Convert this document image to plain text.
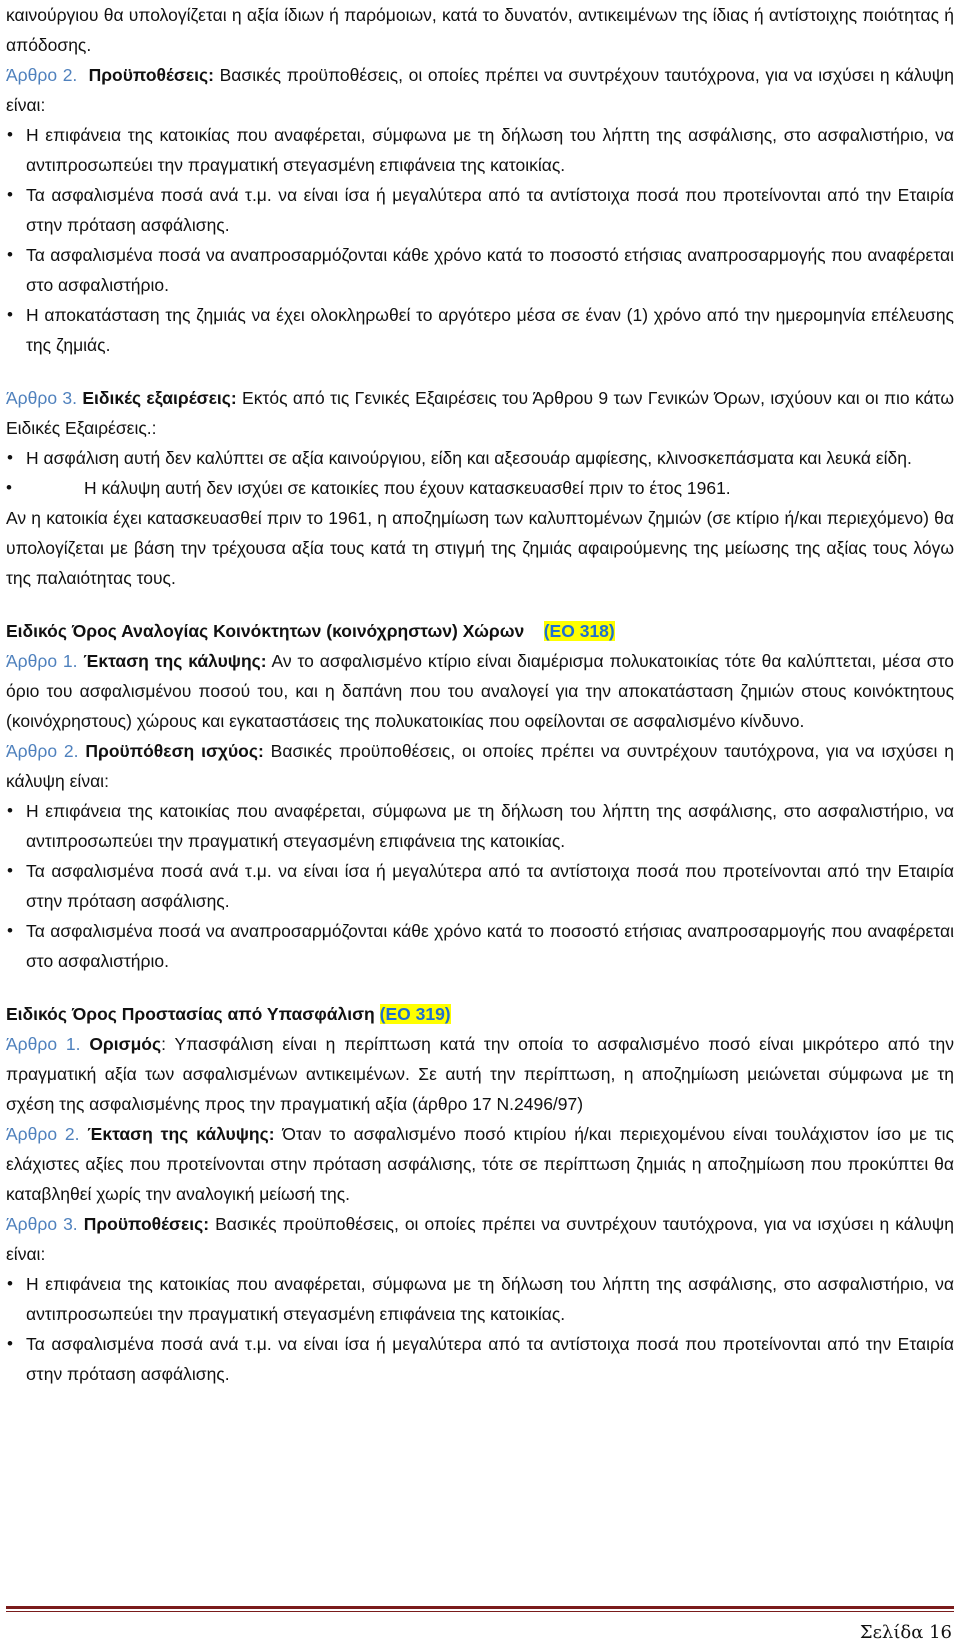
καινούργιου θα υπολογίζεται η αξία ίδιων ή παρόμοιων, κατά το δυνατόν, αντικειμένων της ίδιας ή αντίστοιχης ποιότητας ή απόδοσης.

Άρθρο 2. Προϋποθέσεις: Βασικές προϋποθέσεις, οι οποίες πρέπει να συντρέχουν ταυτόχρονα, για να ισχύσει η κάλυψη είναι:

• Η επιφάνεια της κατοικίας που αναφέρεται, σύμφωνα με τη δήλωση του λήπτη της ασφάλισης, στο ασφαλιστήριο, να αντιπροσωπεύει την πραγματική στεγασμένη επιφάνεια της κατοικίας.

• Τα ασφαλισμένα ποσά ανά τ.μ. να είναι ίσα ή μεγαλύτερα από τα αντίστοιχα ποσά που προτείνονται από την Εταιρία στην πρόταση ασφάλισης.

• Τα ασφαλισμένα ποσά να αναπροσαρμόζονται κάθε χρόνο κατά το ποσοστό ετήσιας αναπροσαρμογής που αναφέρεται στο ασφαλιστήριο.

• Η αποκατάσταση της ζημιάς να έχει ολοκληρωθεί το αργότερο μέσα σε έναν (1) χρόνο από την ημερομηνία επέλευσης της ζημιάς.

Άρθρο 3. Ειδικές εξαιρέσεις: Εκτός από τις Γενικές Εξαιρέσεις του Άρθρου 9 των Γενικών Όρων, ισχύουν και οι πιο κάτω Ειδικές Εξαιρέσεις.:

• Η ασφάλιση αυτή δεν καλύπτει σε αξία καινούργιου, είδη και αξεσουάρ αμφίεσης, κλινοσκεπάσματα και λευκά είδη.

• Η κάλυψη αυτή δεν ισχύει σε κατοικίες που έχουν κατασκευασθεί πριν το έτος 1961.

Αν η κατοικία έχει κατασκευασθεί πριν το 1961, η αποζημίωση των καλυπτομένων ζημιών (σε κτίριο ή/και περιεχόμενο) θα υπολογίζεται με βάση την τρέχουσα αξία τους κατά τη στιγμή της ζημιάς αφαιρούμενης της μείωσης της αξίας τους λόγω της παλαιότητας τους.

Ειδικός Όρος Αναλογίας Κοινόκτητων (κοινόχρηστων) Χώρων (ΕΟ 318)

Άρθρο 1. Έκταση της κάλυψης: Αν το ασφαλισμένο κτίριο είναι διαμέρισμα πολυκατοικίας τότε θα καλύπτεται, μέσα στο όριο του ασφαλισμένου ποσού του, και η δαπάνη που του αναλογεί για την αποκατάσταση ζημιών στους κοινόκτητους (κοινόχρηστους) χώρους και εγκαταστάσεις της πολυκατοικίας που οφείλονται σε ασφαλισμένο κίνδυνο.

Άρθρο 2. Προϋπόθεση ισχύος: Βασικές προϋποθέσεις, οι οποίες πρέπει να συντρέχουν ταυτόχρονα, για να ισχύσει η κάλυψη είναι:

• Η επιφάνεια της κατοικίας που αναφέρεται, σύμφωνα με τη δήλωση του λήπτη της ασφάλισης, στο ασφαλιστήριο, να αντιπροσωπεύει την πραγματική στεγασμένη επιφάνεια της κατοικίας.

• Τα ασφαλισμένα ποσά ανά τ.μ. να είναι ίσα ή μεγαλύτερα από τα αντίστοιχα ποσά που προτείνονται από την Εταιρία στην πρόταση ασφάλισης.

• Τα ασφαλισμένα ποσά να αναπροσαρμόζονται κάθε χρόνο κατά το ποσοστό ετήσιας αναπροσαρμογής που αναφέρεται στο ασφαλιστήριο.

Ειδικός Όρος Προστασίας από Υπασφάλιση (ΕΟ 319)

Άρθρο 1. Ορισμός: Υπασφάλιση είναι η περίπτωση κατά την οποία το ασφαλισμένο ποσό είναι μικρότερο από την πραγματική αξία των ασφαλισμένων αντικειμένων. Σε αυτή την περίπτωση, η αποζημίωση μειώνεται σύμφωνα με τη σχέση της ασφαλισμένης προς την πραγματική αξία (άρθρο 17 Ν.2496/97)

Άρθρο 2. Έκταση της κάλυψης: Όταν το ασφαλισμένο ποσό κτιρίου ή/και περιεχομένου είναι τουλάχιστον ίσο με τις ελάχιστες αξίες που προτείνονται στην πρόταση ασφάλισης, τότε σε περίπτωση ζημιάς η αποζημίωση που προκύπτει θα καταβληθεί χωρίς την αναλογική μείωσή της.

Άρθρο 3. Προϋποθέσεις: Βασικές προϋποθέσεις, οι οποίες πρέπει να συντρέχουν ταυτόχρονα, για να ισχύσει η κάλυψη είναι:

• Η επιφάνεια της κατοικίας που αναφέρεται, σύμφωνα με τη δήλωση του λήπτη της ασφάλισης, στο ασφαλιστήριο, να αντιπροσωπεύει την πραγματική στεγασμένη επιφάνεια της κατοικίας.

• Τα ασφαλισμένα ποσά ανά τ.μ. να είναι ίσα ή μεγαλύτερα από τα αντίστοιχα ποσά που προτείνονται από την Εταιρία στην πρόταση ασφάλισης.

Σελίδα 16
